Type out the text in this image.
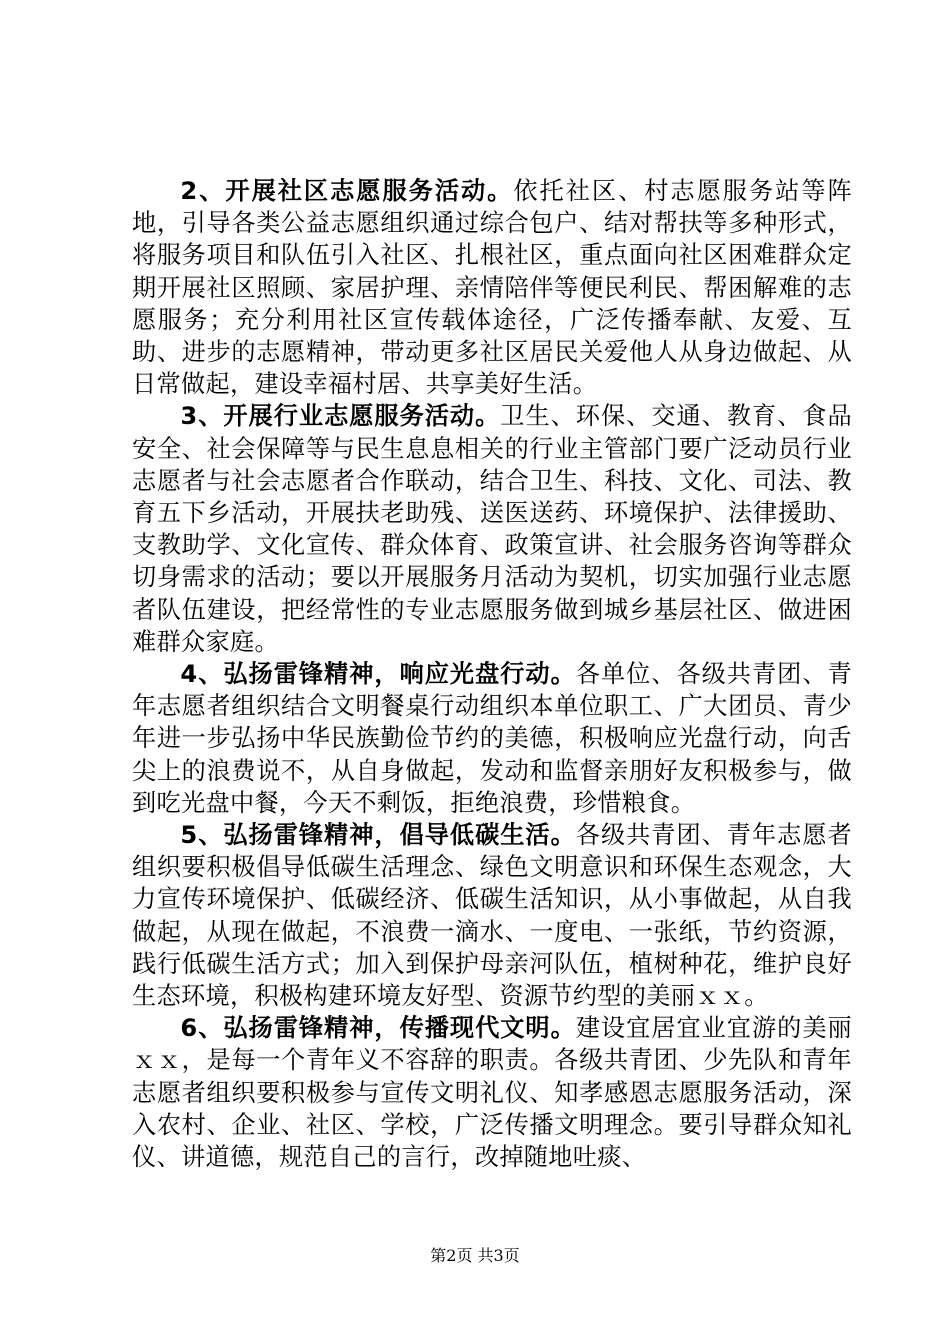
2、开展社区志愿服务活动。依托社区、村志愿服务站等阵地，引导各类公益志愿组织通过综合包户、结对帮扶等多种形式，将服务项目和队伍引入社区、扎根社区，重点面向社区困难群众定期开展社区照顾、家居护理、亲情陪伴等便民利民、帮困解难的志愿服务；充分利用社区宣传载体途径，广泛传播奉献、友爱、互助、进步的志愿精神，带动更多社区居民关爱他人从身边做起、从日常做起，建设幸福村居、共享美好生活。

3、开展行业志愿服务活动。卫生、环保、交通、教育、食品安全、社会保障等与民生息息相关的行业主管部门要广泛动员行业志愿者与社会志愿者合作联动，结合卫生、科技、文化、司法、教育五下乡活动，开展扶老助残、送医送药、环境保护、法律援助、支教助学、文化宣传、群众体育、政策宣讲、社会服务咨询等群众切身需求的活动；要以开展服务月活动为契机，切实加强行业志愿者队伍建设，把经常性的专业志愿服务做到城乡基层社区、做进困难群众家庭。

4、弘扬雷锋精神，响应光盘行动。各单位、各级共青团、青年志愿者组织结合文明餐桌行动组织本单位职工、广大团员、青少年进一步弘扬中华民族勤俭节约的美德，积极响应光盘行动，向舌尖上的浪费说不，从自身做起，发动和监督亲朋好友积极参与，做到吃光盘中餐，今天不剩饭，拒绝浪费，珍惜粮食。

5、弘扬雷锋精神，倡导低碳生活。各级共青团、青年志愿者组织要积极倡导低碳生活理念、绿色文明意识和环保生态观念，大力宣传环境保护、低碳经济、低碳生活知识，从小事做起，从自我做起，从现在做起，不浪费一滴水、一度电、一张纸，节约资源，践行低碳生活方式；加入到保护母亲河队伍，植树种花，维护良好生态环境，积极构建环境友好型、资源节约型的美丽ｘｘ。

6、弘扬雷锋精神，传播现代文明。建设宜居宜业宜游的美丽ｘｘ，是每一个青年义不容辞的职责。各级共青团、少先队和青年志愿者组织要积极参与宣传文明礼仪、知孝感恩志愿服务活动，深入农村、企业、社区、学校，广泛传播文明理念。要引导群众知礼仪、讲道德，规范自己的言行，改掉随地吐痰、

第2页 共3页
